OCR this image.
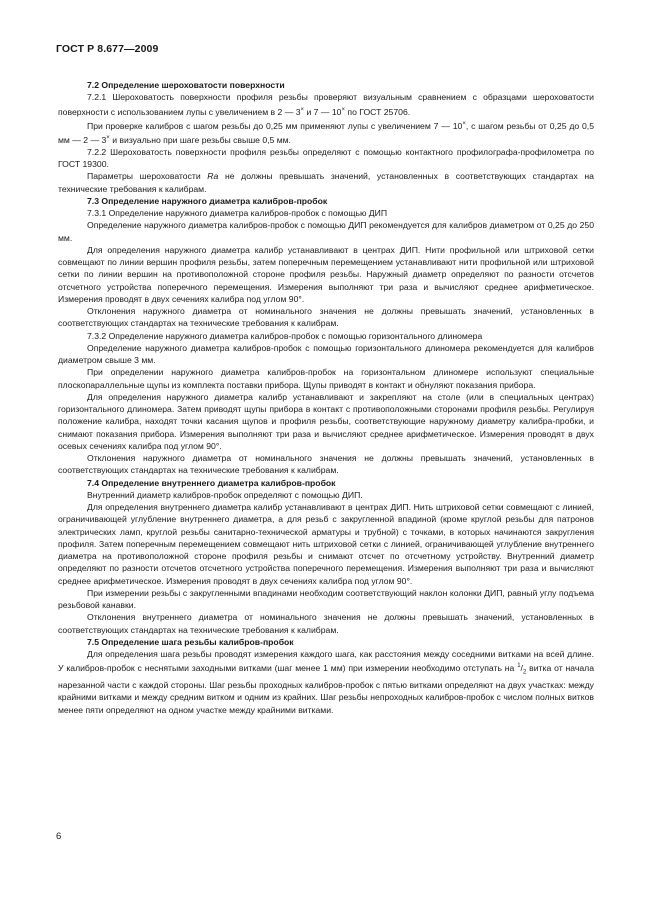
ГОСТ Р 8.677—2009
7.2 Определение шероховатости поверхности

7.2.1 Шероховатость поверхности профиля резьбы проверяют визуальным сравнением с образцами шероховатости поверхности с использованием лупы с увеличением в 2 — 3× и 7 — 10× по ГОСТ 25706.

При проверке калибров с шагом резьбы до 0,25 мм применяют лупы с увеличением 7 — 10×, с шагом резьбы от 0,25 до 0,5 мм — 2 — 3× и визуально при шаге резьбы свыше 0,5 мм.

7.2.2 Шероховатость поверхности профиля резьбы определяют с помощью контактного профилографа-профилометра по ГОСТ 19300.

Параметры шероховатости Ra не должны превышать значений, установленных в соответствующих стандартах на технические требования к калибрам.

7.3 Определение наружного диаметра калибров-пробок

7.3.1 Определение наружного диаметра калибров-пробок с помощью ДИП

Определение наружного диаметра калибров-пробок с помощью ДИП рекомендуется для калибров диаметром от 0,25 до 250 мм.

Для определения наружного диаметра калибр устанавливают в центрах ДИП. Нити профильной или штриховой сетки совмещают по линии вершин профиля резьбы, затем поперечным перемещением устанавливают нити профильной или штриховой сетки по линии вершин на противоположной стороне профиля резьбы. Наружный диаметр определяют по разности отсчетов отсчетного устройства поперечного перемещения. Измерения выполняют три раза и вычисляют среднее арифметическое. Измерения проводят в двух сечениях калибра под углом 90°.

Отклонения наружного диаметра от номинального значения не должны превышать значений, установленных в соответствующих стандартах на технические требования к калибрам.

7.3.2 Определение наружного диаметра калибров-пробок с помощью горизонтального длиномера

Определение наружного диаметра калибров-пробок с помощью горизонтального длиномера рекомендуется для калибров диаметром свыше 3 мм.

При определении наружного диаметра калибров-пробок на горизонтальном длиномере используют специальные плоскопараллельные щупы из комплекта поставки прибора. Щупы приводят в контакт и обнуляют показания прибора.

Для определения наружного диаметра калибр устанавливают и закрепляют на столе (или в специальных центрах) горизонтального длиномера. Затем приводят щупы прибора в контакт с противоположными сторонами профиля резьбы. Регулируя положение калибра, находят точки касания щупов и профиля резьбы, соответствующие наружному диаметру калибра-пробки, и снимают показания прибора. Измерения выполняют три раза и вычисляют среднее арифметическое. Измерения проводят в двух осевых сечениях калибра под углом 90°.

Отклонения наружного диаметра от номинального значения не должны превышать значений, установленных в соответствующих стандартах на технические требования к калибрам.

7.4 Определение внутреннего диаметра калибров-пробок

Внутренний диаметр калибров-пробок определяют с помощью ДИП.

Для определения внутреннего диаметра калибр устанавливают в центрах ДИП. Нить штриховой сетки совмещают с линией, ограничивающей углубление внутреннего диаметра, а для резьб с закругленной впадиной (кроме круглой резьбы для патронов электрических ламп, круглой резьбы санитарно-технической арматуры и трубной) с точками, в которых начинаются закругления профиля. Затем поперечным перемещением совмещают нить штриховой сетки с линией, ограничивающей углубление внутреннего диаметра на противоположной стороне профиля резьбы и снимают отсчет по отсчетному устройству. Внутренний диаметр определяют по разности отсчетов отсчетного устройства поперечного перемещения. Измерения выполняют три раза и вычисляют среднее арифметическое. Измерения проводят в двух сечениях калибра под углом 90°.

При измерении резьбы с закругленными впадинами необходим соответствующий наклон колонки ДИП, равный углу подъема резьбовой канавки.

Отклонения внутреннего диаметра от номинального значения не должны превышать значений, установленных в соответствующих стандартах на технические требования к калибрам.

7.5 Определение шага резьбы калибров-пробок

Для определения шага резьбы проводят измерения каждого шага, как расстояния между соседними витками на всей длине. У калибров-пробок с неснятыми заходными витками (шаг менее 1 мм) при измерении необходимо отступать на $^1/_2$ витка от начала нарезанной части с каждой стороны. Шаг резьбы проходных калибров-пробок с пятью витками определяют на двух участках: между крайними витками и между средним витком и одним из крайних. Шаг резьбы непроходных калибров-пробок с числом полных витков менее пяти определяют на одном участке между крайними витками.

6
